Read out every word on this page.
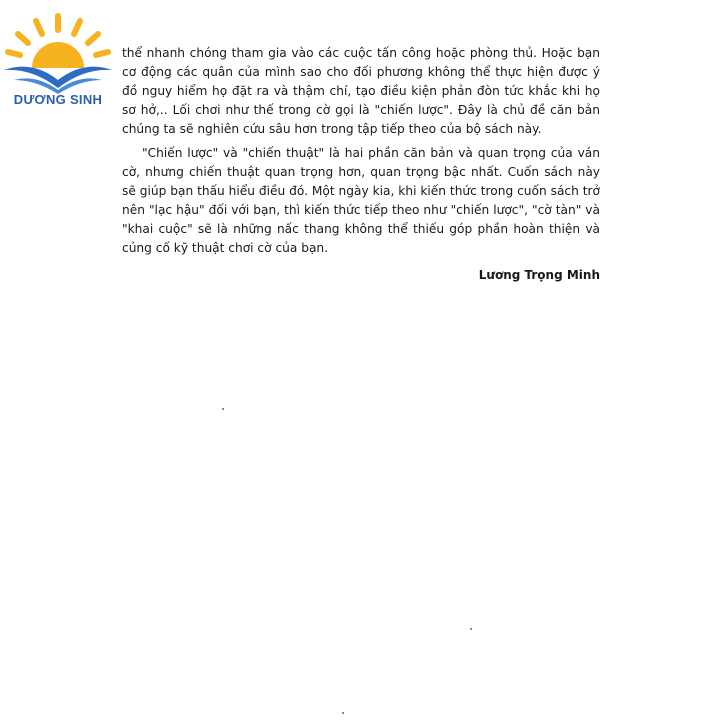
DƯƠNG SINH

thể nhanh chóng tham gia vào các cuộc tấn công hoặc phòng thủ. Hoặc bạn cơ động các quân của mình sao cho đối phương không thể thực hiện được ý đồ nguy hiểm họ đặt ra và thậm chí, tạo điều kiện phản đòn tức khắc khi họ sơ hở,.. Lối chơi như thế trong cờ gọi là "chiến lược". Đây là chủ đề căn bản chúng ta sẽ nghiên cứu sâu hơn trong tập tiếp theo của bộ sách này.

"Chiến lược" và "chiến thuật" là hai phần căn bản và quan trọng của ván cờ, nhưng chiến thuật quan trọng hơn, quan trọng bậc nhất. Cuốn sách này sẽ giúp bạn thấu hiểu điều đó. Một ngày kia, khi kiến thức trong cuốn sách trở nên "lạc hậu" đối với bạn, thì kiến thức tiếp theo như "chiến lược", "cờ tàn" và "khai cuộc" sẽ là những nấc thang không thể thiếu góp phần hoàn thiện và củng cố kỹ thuật chơi cờ của bạn.

Lương Trọng Minh
